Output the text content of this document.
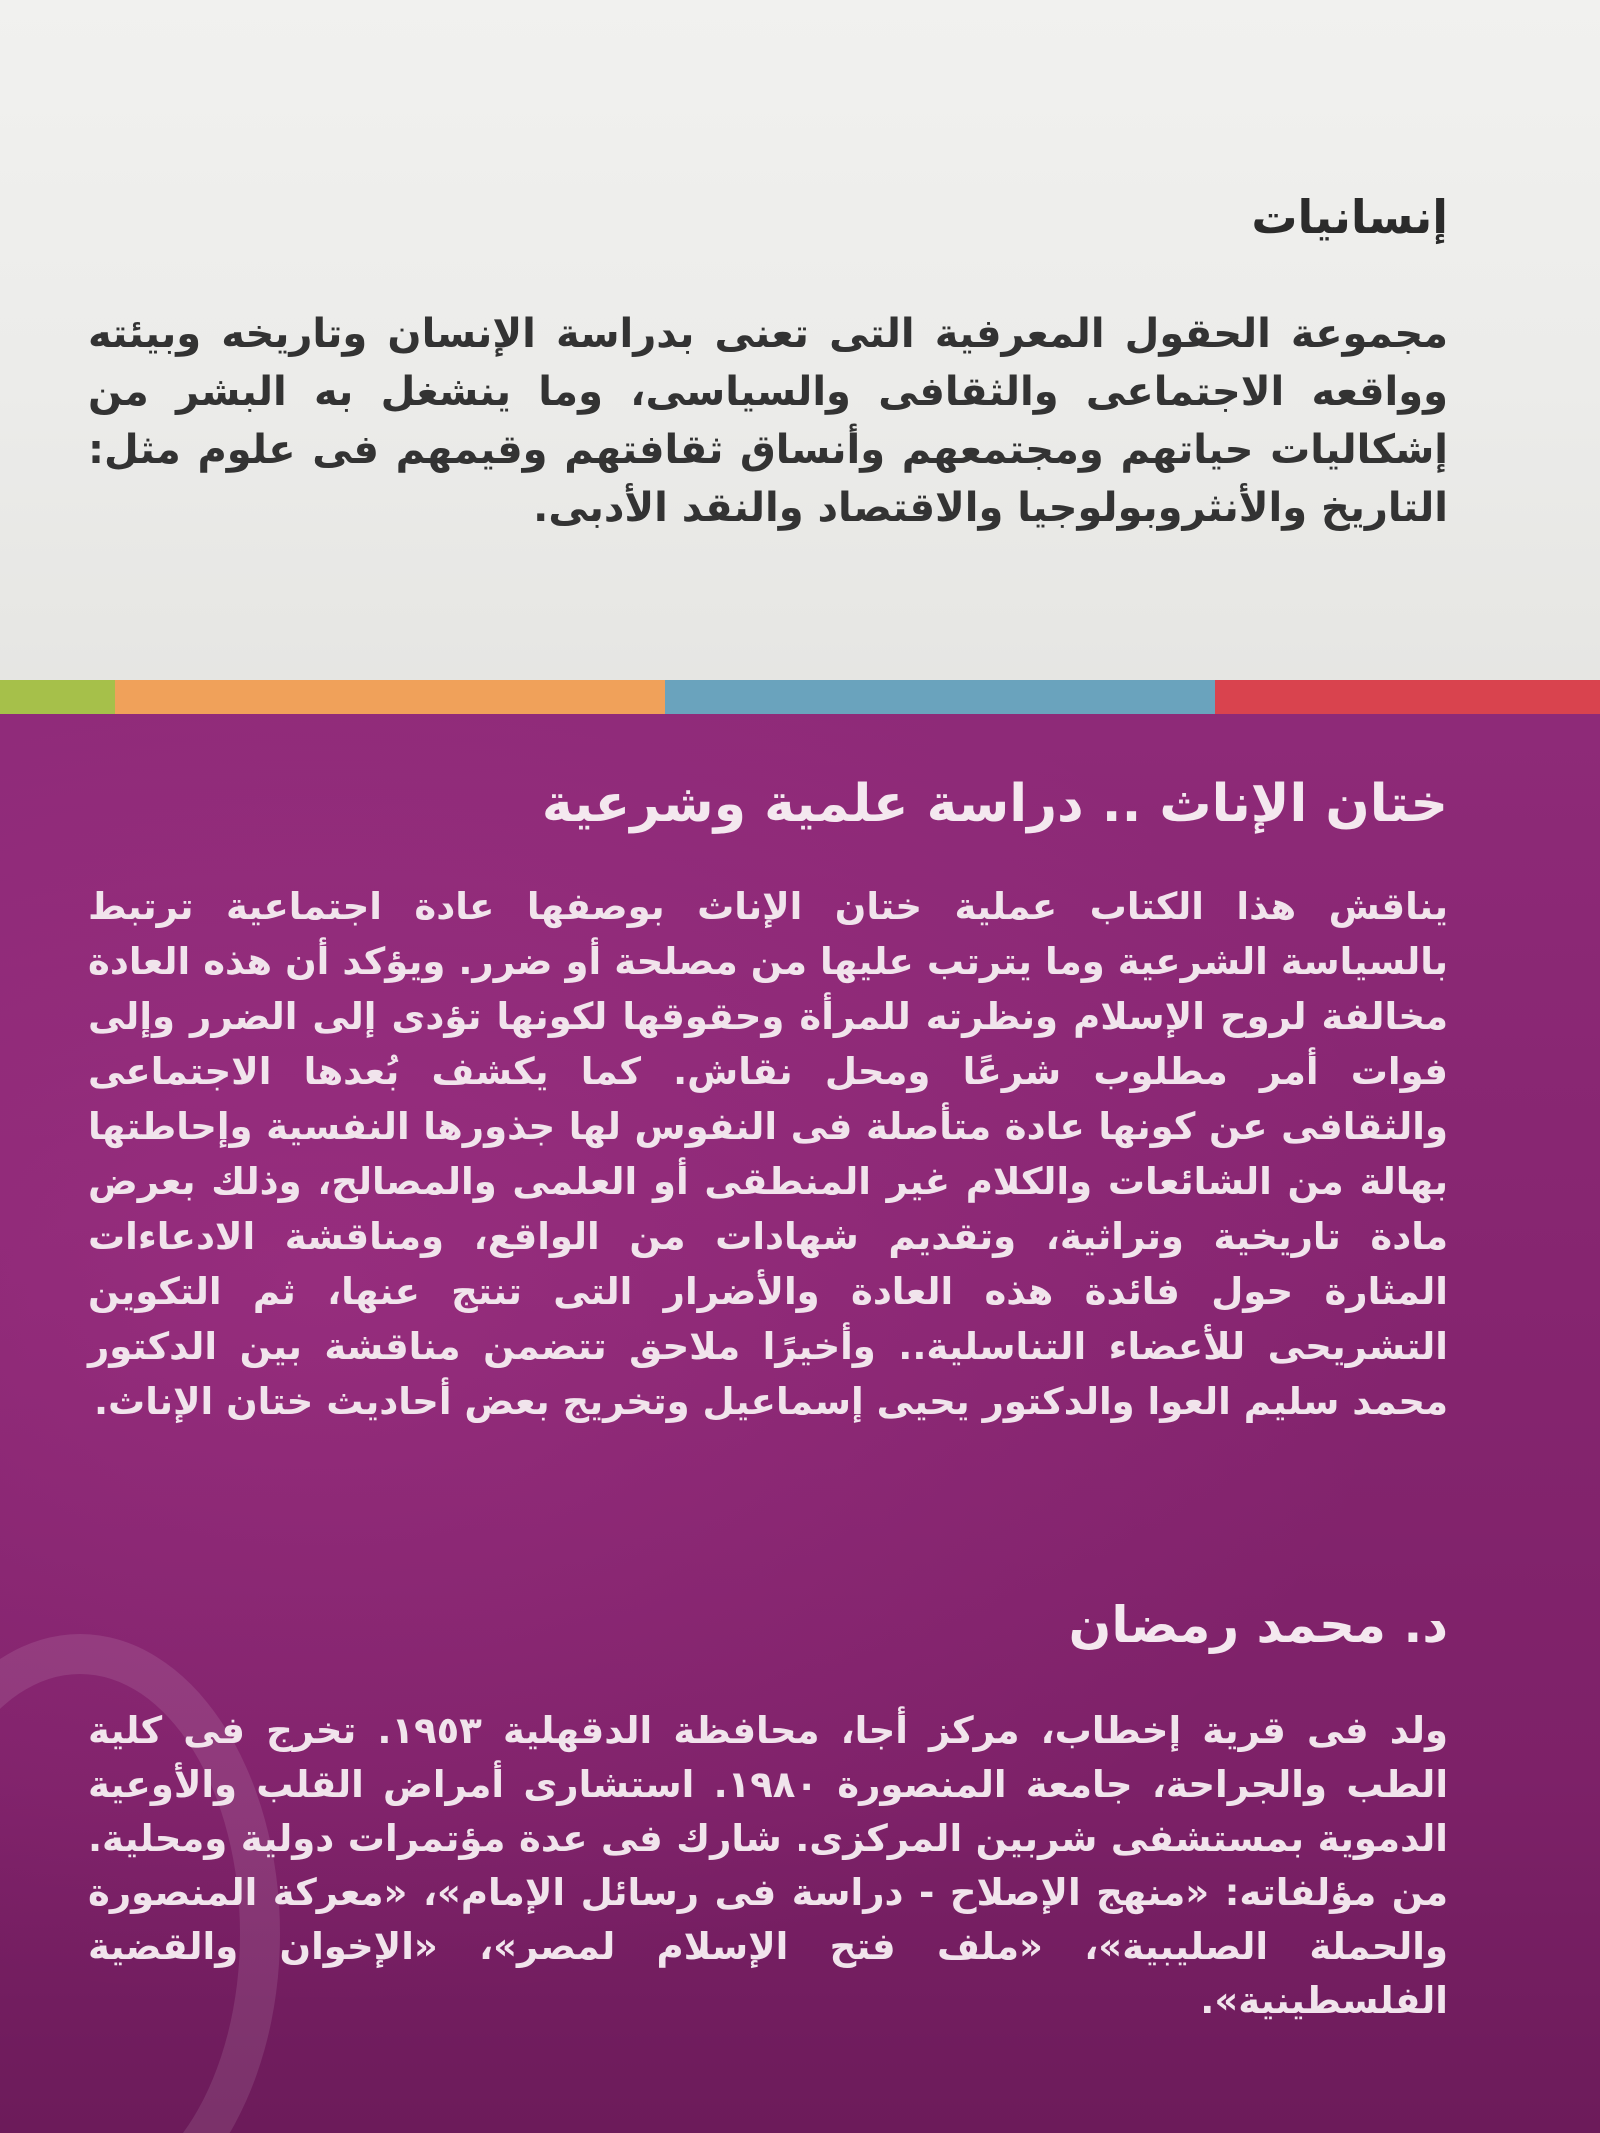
إنسانيات

مجموعة الحقول المعرفية التى تعنى بدراسة الإنسان وتاريخه وبيئته وواقعه الاجتماعى والثقافى والسياسى، وما ينشغل به البشر من إشكاليات حياتهم ومجتمعهم وأنساق ثقافتهم وقيمهم فى علوم مثل: التاريخ والأنثروبولوجيا والاقتصاد والنقد الأدبى.

ختان الإناث .. دراسة علمية وشرعية

يناقش هذا الكتاب عملية ختان الإناث بوصفها عادة اجتماعية ترتبط بالسياسة الشرعية وما يترتب عليها من مصلحة أو ضرر. ويؤكد أن هذه العادة مخالفة لروح الإسلام ونظرته للمرأة وحقوقها لكونها تؤدى إلى الضرر وإلى فوات أمر مطلوب شرعًا ومحل نقاش. كما يكشف بُعدها الاجتماعى والثقافى عن كونها عادة متأصلة فى النفوس لها جذورها النفسية وإحاطتها بهالة من الشائعات والكلام غير المنطقى أو العلمى والمصالح، وذلك بعرض مادة تاريخية وتراثية، وتقديم شهادات من الواقع، ومناقشة الادعاءات المثارة حول فائدة هذه العادة والأضرار التى تنتج عنها، ثم التكوين التشريحى للأعضاء التناسلية.. وأخيرًا ملاحق تتضمن مناقشة بين الدكتور محمد سليم العوا والدكتور يحيى إسماعيل وتخريج بعض أحاديث ختان الإناث.

د. محمد رمضان

ولد فى قرية إخطاب، مركز أجا، محافظة الدقهلية ١٩٥٣. تخرج فى كلية الطب والجراحة، جامعة المنصورة ١٩٨٠. استشارى أمراض القلب والأوعية الدموية بمستشفى شربين المركزى. شارك فى عدة مؤتمرات دولية ومحلية. من مؤلفاته: «منهج الإصلاح - دراسة فى رسائل الإمام»، «معركة المنصورة والحملة الصليبية»، «ملف فتح الإسلام لمصر»، «الإخوان والقضية الفلسطينية».
